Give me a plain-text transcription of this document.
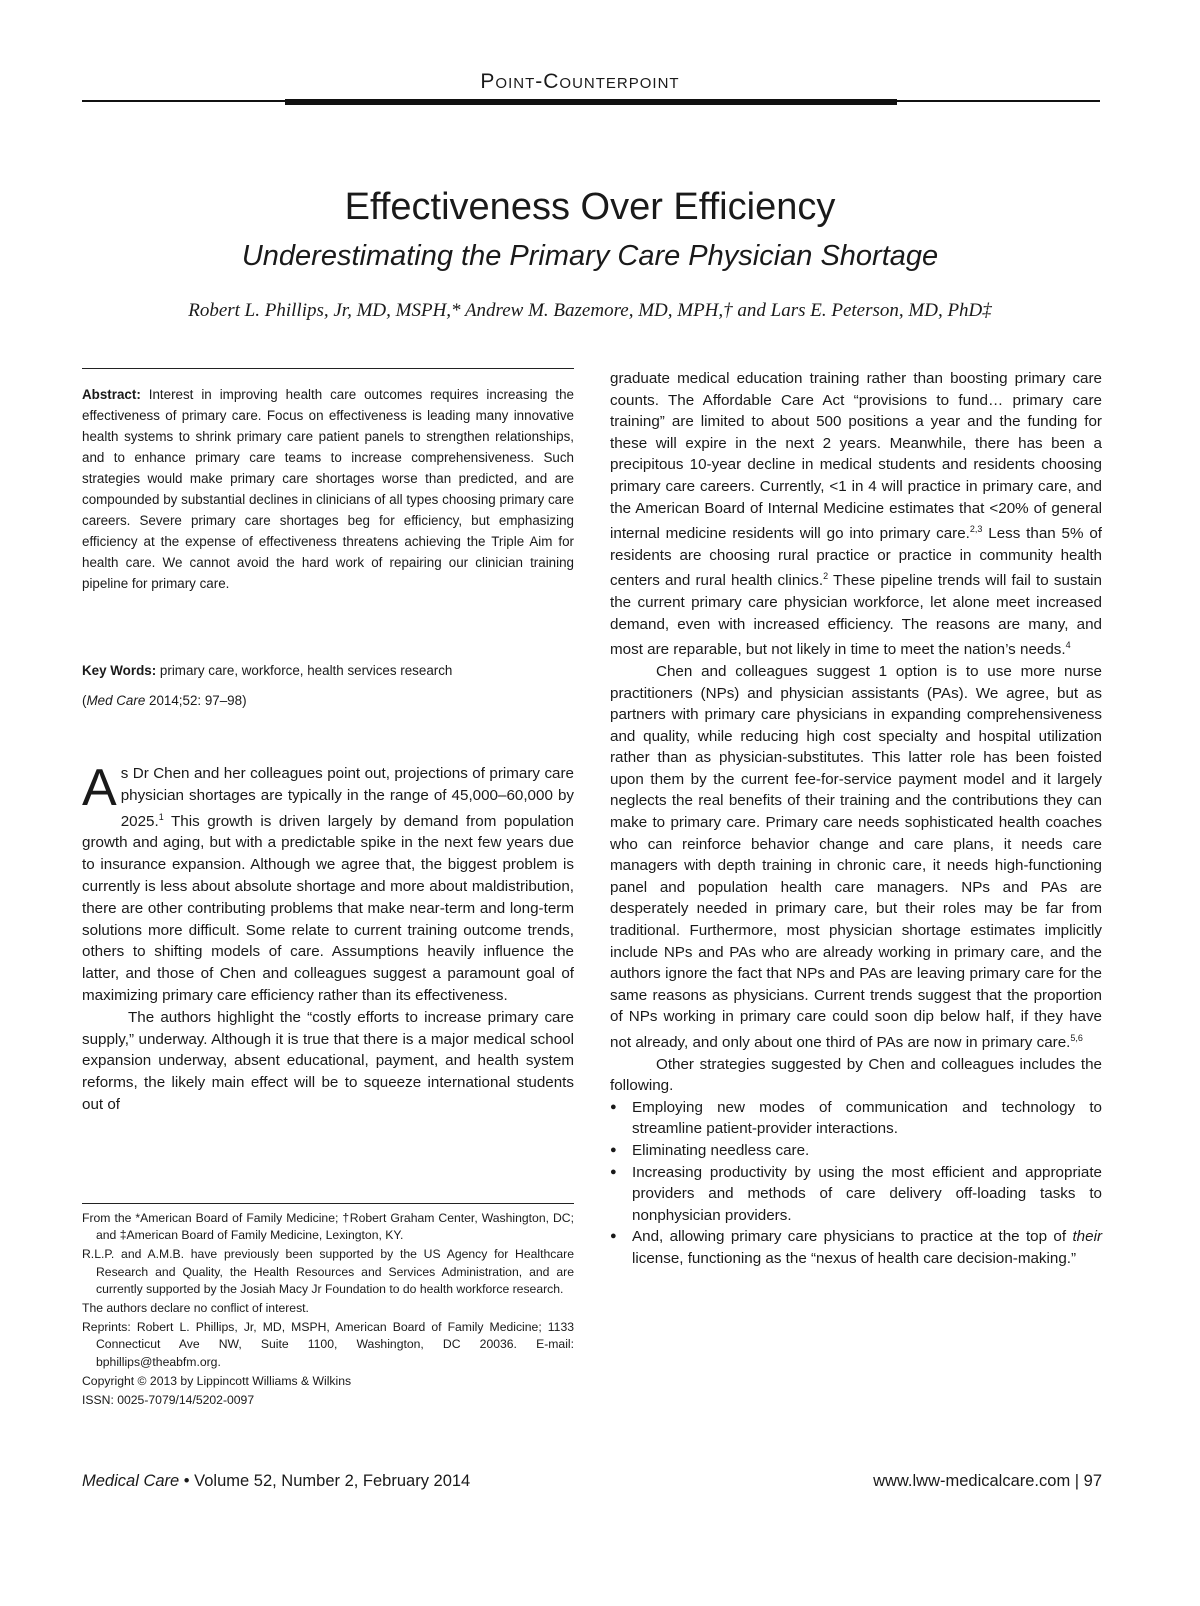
Point-Counterpoint
Effectiveness Over Efficiency
Underestimating the Primary Care Physician Shortage
Robert L. Phillips, Jr, MD, MSPH,* Andrew M. Bazemore, MD, MPH,† and Lars E. Peterson, MD, PhD‡
Abstract: Interest in improving health care outcomes requires increasing the effectiveness of primary care. Focus on effectiveness is leading many innovative health systems to shrink primary care patient panels to strengthen relationships, and to enhance primary care teams to increase comprehensiveness. Such strategies would make primary care shortages worse than predicted, and are compounded by substantial declines in clinicians of all types choosing primary care careers. Severe primary care shortages beg for efficiency, but emphasizing efficiency at the expense of effectiveness threatens achieving the Triple Aim for health care. We cannot avoid the hard work of repairing our clinician training pipeline for primary care.
Key Words: primary care, workforce, health services research
(Med Care 2014;52: 97–98)

As Dr Chen and her colleagues point out, projections of primary care physician shortages are typically in the range of 45,000–60,000 by 2025.$^1$ This growth is driven largely by demand from population growth and aging, but with a predictable spike in the next few years due to insurance expansion. Although we agree that, the biggest problem is currently is less about absolute shortage and more about maldistribution, there are other contributing problems that make near-term and long-term solutions more difficult. Some relate to current training outcome trends, others to shifting models of care. Assumptions heavily influence the latter, and those of Chen and colleagues suggest a paramount goal of maximizing primary care efficiency rather than its effectiveness.

The authors highlight the “costly efforts to increase primary care supply,” underway. Although it is true that there is a major medical school expansion underway, absent educational, payment, and health system reforms, the likely main effect will be to squeeze international students out of

From the *American Board of Family Medicine; †Robert Graham Center, Washington, DC; and ‡American Board of Family Medicine, Lexington, KY.

R.L.P. and A.M.B. have previously been supported by the US Agency for Healthcare Research and Quality, the Health Resources and Services Administration, and are currently supported by the Josiah Macy Jr Foundation to do health workforce research.

The authors declare no conflict of interest.

Reprints: Robert L. Phillips, Jr, MD, MSPH, American Board of Family Medicine; 1133 Connecticut Ave NW, Suite 1100, Washington, DC 20036. E-mail: bphillips@theabfm.org.

Copyright © 2013 by Lippincott Williams & Wilkins

ISSN: 0025-7079/14/5202-0097

graduate medical education training rather than boosting primary care counts. The Affordable Care Act “provisions to fund… primary care training” are limited to about 500 positions a year and the funding for these will expire in the next 2 years. Meanwhile, there has been a precipitous 10-year decline in medical students and residents choosing primary care careers. Currently, <1 in 4 will practice in primary care, and the American Board of Internal Medicine estimates that <20% of general internal medicine residents will go into primary care.$^{2,3}$ Less than 5% of residents are choosing rural practice or practice in community health centers and rural health clinics.$^2$ These pipeline trends will fail to sustain the current primary care physician workforce, let alone meet increased demand, even with increased efficiency. The reasons are many, and most are reparable, but not likely in time to meet the nation’s needs.$^4$

Chen and colleagues suggest 1 option is to use more nurse practitioners (NPs) and physician assistants (PAs). We agree, but as partners with primary care physicians in expanding comprehensiveness and quality, while reducing high cost specialty and hospital utilization rather than as physician-substitutes. This latter role has been foisted upon them by the current fee-for-service payment model and it largely neglects the real benefits of their training and the contributions they can make to primary care. Primary care needs sophisticated health coaches who can reinforce behavior change and care plans, it needs care managers with depth training in chronic care, it needs high-functioning panel and population health care managers. NPs and PAs are desperately needed in primary care, but their roles may be far from traditional. Furthermore, most physician shortage estimates implicitly include NPs and PAs who are already working in primary care, and the authors ignore the fact that NPs and PAs are leaving primary care for the same reasons as physicians. Current trends suggest that the proportion of NPs working in primary care could soon dip below half, if they have not already, and only about one third of PAs are now in primary care.$^{5,6}$

Other strategies suggested by Chen and colleagues includes the following.

● Employing new modes of communication and technology to streamline patient-provider interactions.
● Eliminating needless care.
● Increasing productivity by using the most efficient and appropriate providers and methods of care delivery off-loading tasks to nonphysician providers.
● And, allowing primary care physicians to practice at the top of their license, functioning as the “nexus of health care decision-making.”
Medical Care • Volume 52, Number 2, February 2014	www.lww-medicalcare.com | 97
